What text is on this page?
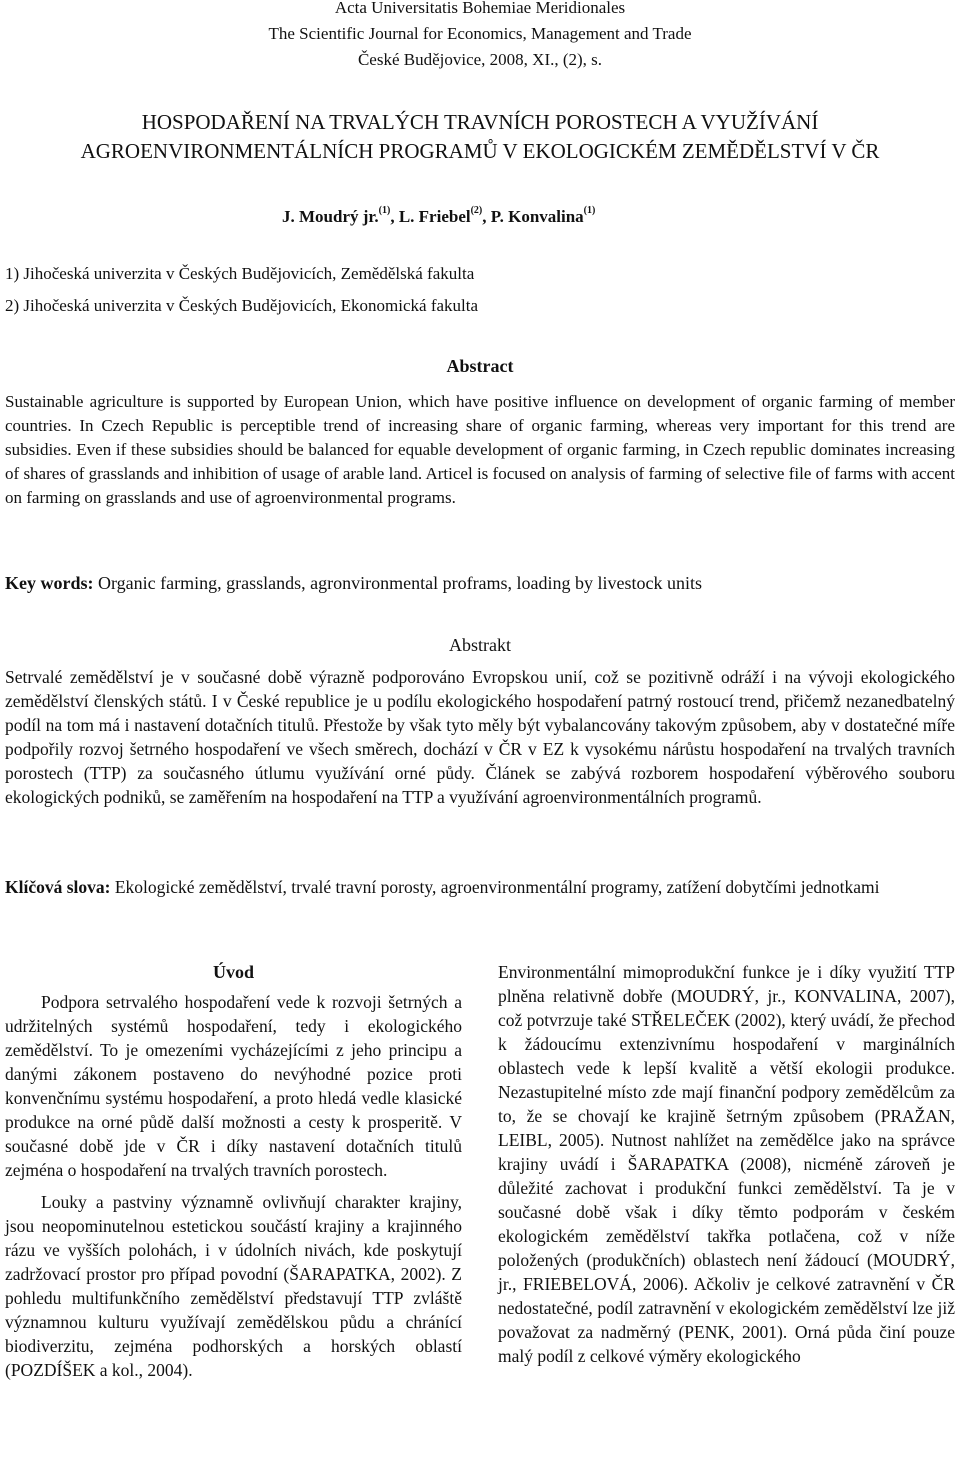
Acta Universitatis Bohemiae Meridionales
The Scientific Journal for Economics, Management and Trade
České Budějovice, 2008, XI., (2), s.
HOSPODAŘENÍ NA TRVALÝCH TRAVNÍCH POROSTECH A VYUŽÍVÁNÍ
AGROENVIRONMENTÁLNÍCH PROGRAMŮ V EKOLOGICKÉM ZEMĚDĚLSTVÍ V ČR
J. Moudrý jr.$^{(1)}$, L. Friebel$^{(2)}$, P. Konvalina$^{(1)}$
1) Jihočeská univerzita v Českých Budějovicích, Zemědělská fakulta
2) Jihočeská univerzita v Českých Budějovicích, Ekonomická fakulta
Abstract
Sustainable agriculture is supported by European Union, which have positive influence on development of organic farming of member countries. In Czech Republic is perceptible trend of increasing share of organic farming, whereas very important for this trend are subsidies. Even if these subsidies should be balanced for equable development of organic farming, in Czech republic dominates increasing of shares of grasslands and inhibition of usage of arable land. Articel is focused on analysis of farming of selective file of farms with accent on farming on grasslands and use of agroenvironmental programs.
Key words: Organic farming, grasslands, agronvironmental proframs, loading by livestock units
Abstrakt
Setrvalé zemědělství je v současné době výrazně podporováno Evropskou unií, což se pozitivně odráží i na vývoji ekologického zemědělství členských států. I v České republice je u podílu ekologického hospodaření patrný rostoucí trend, přičemž nezanedbatelný podíl na tom má i nastavení dotačních titulů. Přestože by však tyto měly být vybalancovány takovým způsobem, aby v dostatečné míře podpořily rozvoj šetrného hospodaření ve všech směrech, dochází v ČR v EZ k vysokému nárůstu hospodaření na trvalých travních porostech (TTP) za současného útlumu využívání orné půdy. Článek se zabývá rozborem hospodaření výběrového souboru ekologických podniků, se zaměřením na hospodaření na TTP a využívání agroenvironmentálních programů.
Klíčová slova: Ekologické zemědělství, trvalé travní porosty, agroenvironmentální programy, zatížení dobytčími jednotkami
Úvod

Podpora setrvalého hospodaření vede k rozvoji šetrných a udržitelných systémů hospodaření, tedy i ekologického zemědělství. To je omezeními vycházejícími z jeho principu a danými zákonem postaveno do nevýhodné pozice proti konvenčnímu systému hospodaření, a proto hledá vedle klasické produkce na orné půdě další možnosti a cesty k prosperitě. V současné době jde v ČR i díky nastavení dotačních titulů zejména o hospodaření na trvalých travních porostech.

Louky a pastviny významně ovlivňují charakter krajiny, jsou neopominutelnou estetickou součástí krajiny a krajinného rázu ve vyšších polohách, i v údolních nivách, kde poskytují zadržovací prostor pro případ povodní (ŠARAPATKA, 2002). Z pohledu multifunkčního zemědělství představují TTP zvláště významnou kulturu využívají zemědělskou půdu a chránící biodiverzitu, zejména podhorských a horských oblastí (POZDÍŠEK a kol., 2004).

Environmentální mimoprodukční funkce je i díky využití TTP plněna relativně dobře (MOUDRÝ, jr., KONVALINA, 2007), což potvrzuje také STŘELEČEK (2002), který uvádí, že přechod k žádoucímu extenzivnímu hospodaření v marginálních oblastech vede k lepší kvalitě a větší ekologii produkce. Nezastupitelné místo zde mají finanční podpory zemědělcům za to, že se chovají ke krajině šetrným způsobem (PRAŽAN, LEIBL, 2005). Nutnost nahlížet na zemědělce jako na správce krajiny uvádí i ŠARAPATKA (2008), nicméně zároveň je důležité zachovat i produkční funkci zemědělství. Ta je v současné době však i díky těmto podporám v českém ekologickém zemědělství takřka potlačena, což v níže položených (produkčních) oblastech není žádoucí (MOUDRÝ, jr., FRIEBELOVÁ, 2006). Ačkoliv je celkové zatravnění v ČR nedostatečné, podíl zatravnění v ekologickém zemědělství lze již považovat za nadměrný (PENK, 2001). Orná půda činí pouze malý podíl z celkové výměry ekologického
